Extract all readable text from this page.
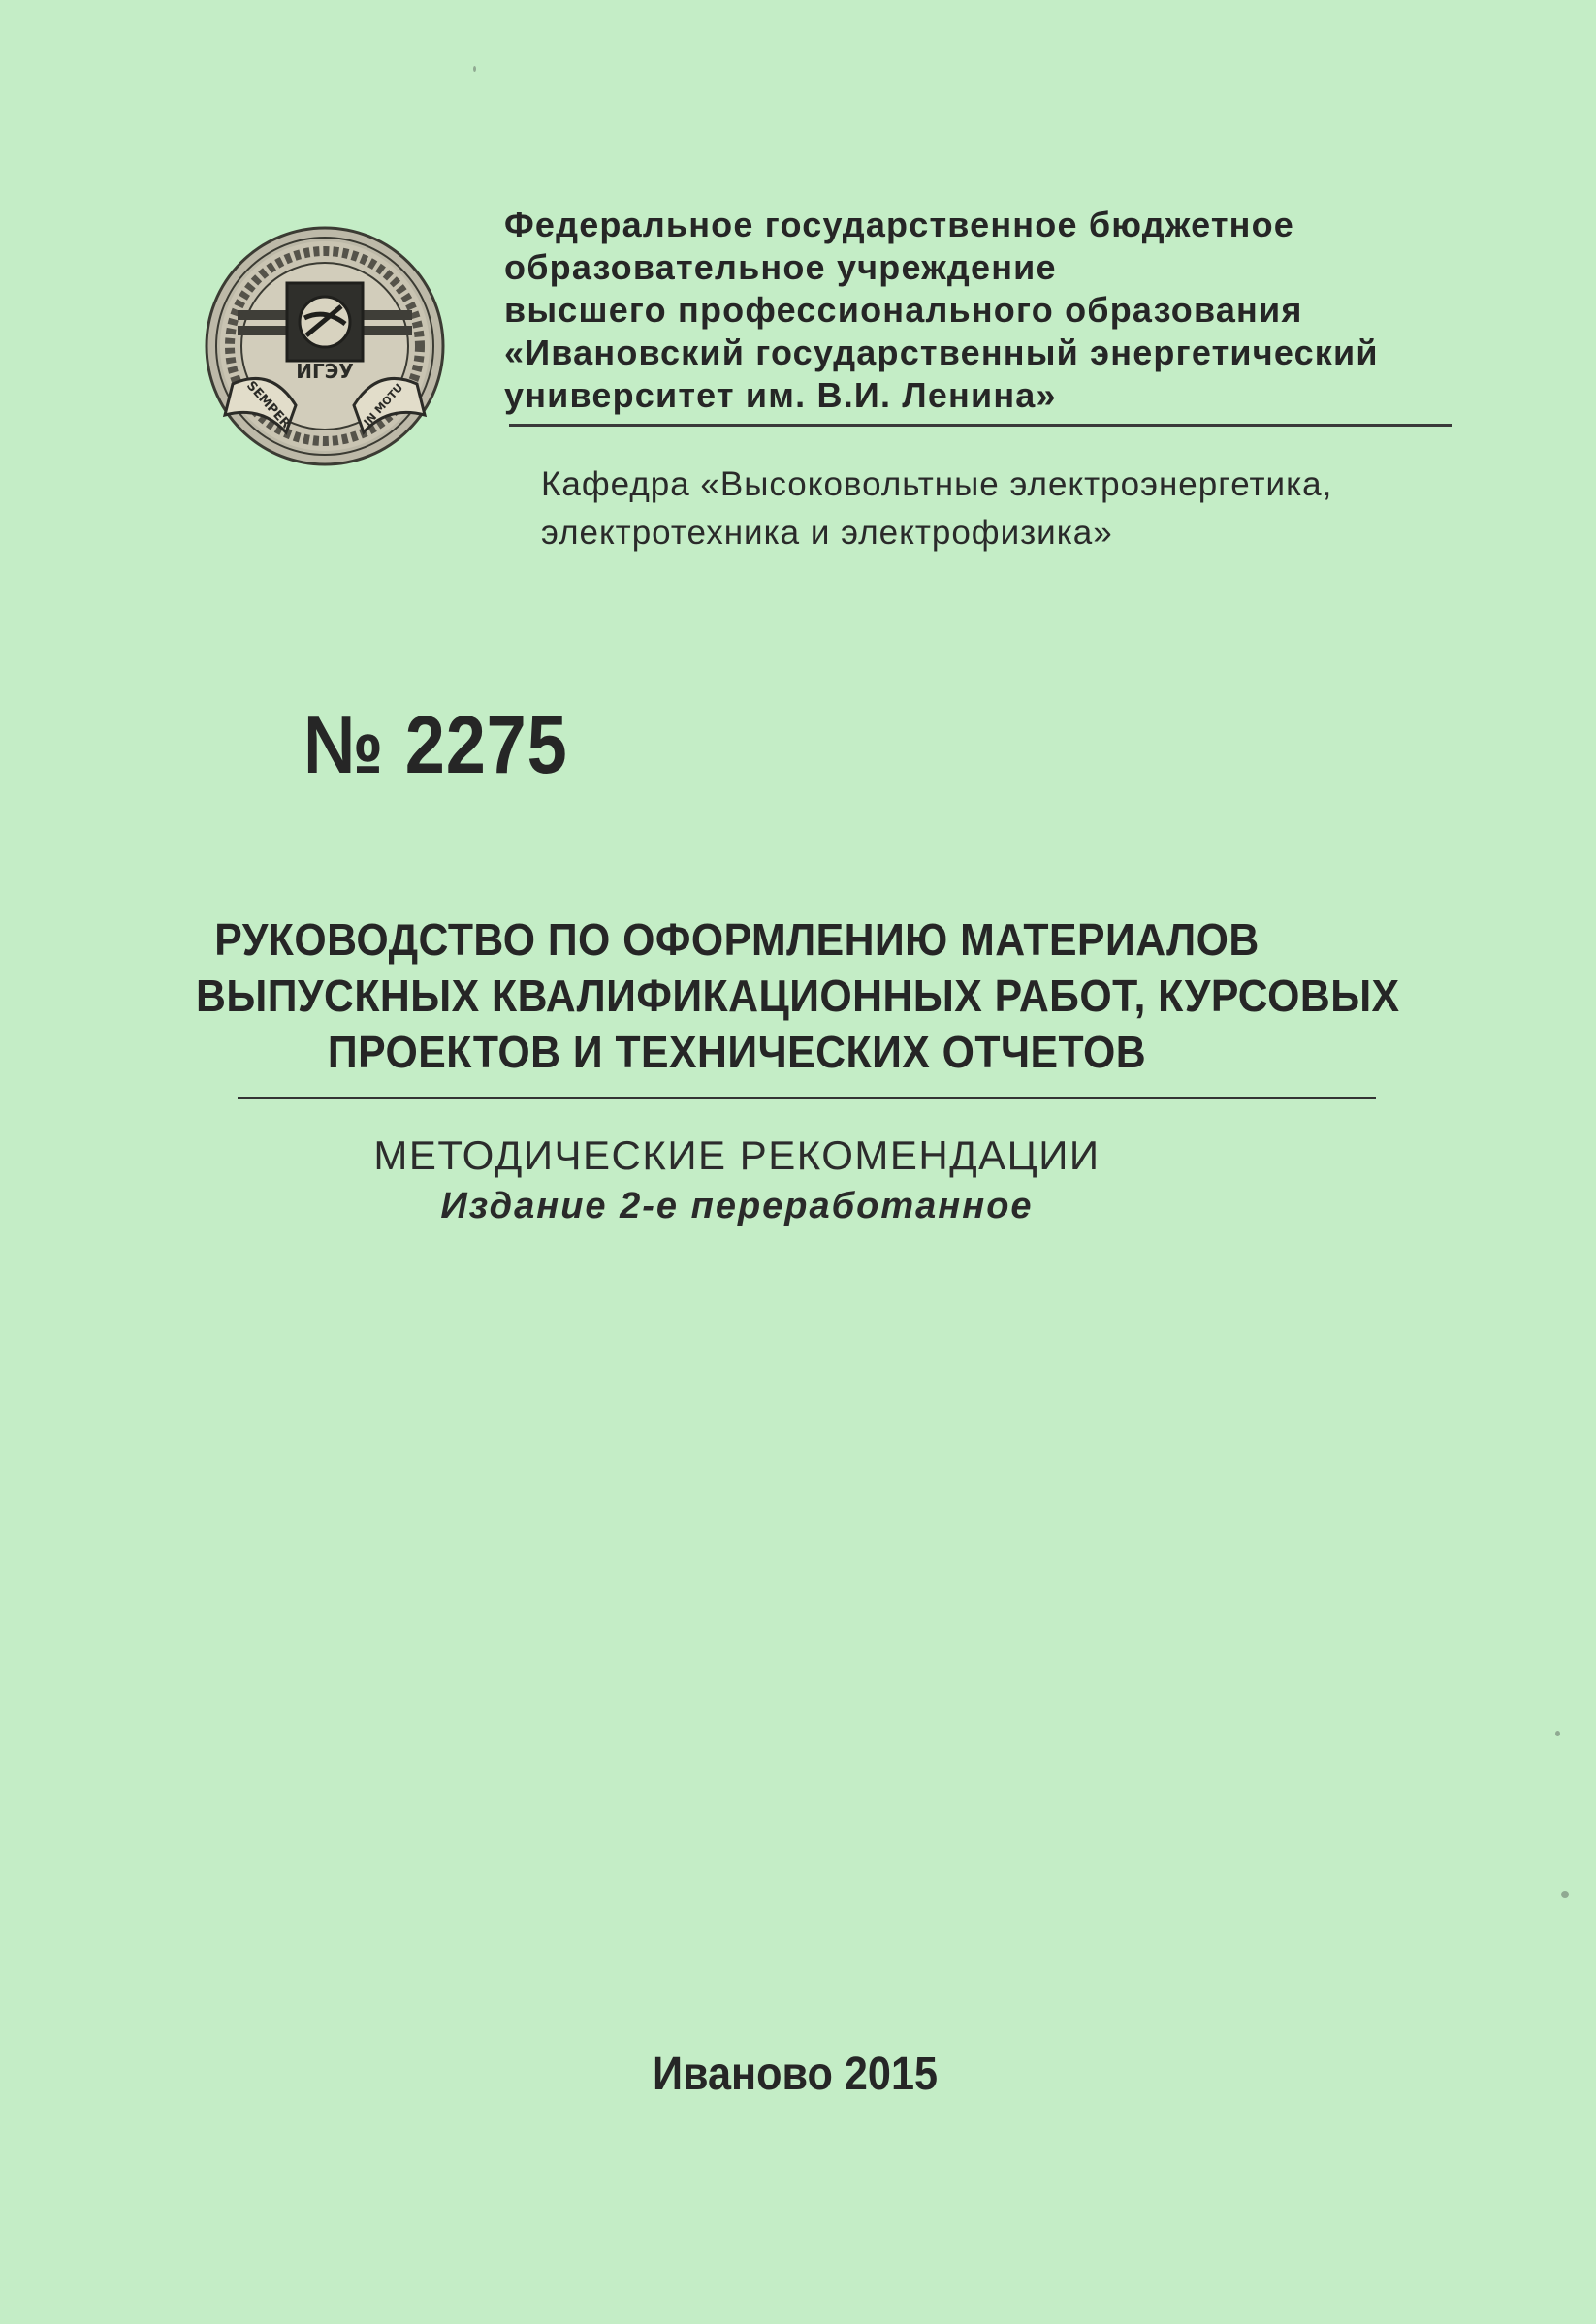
ИГЭУ
SEMPER	IN MOTU
Федеральное государственное бюджетное
образовательное учреждение
высшего профессионального образования
«Ивановский государственный энергетический
университет им. В.И. Ленина»
Кафедра «Высоковольтные электроэнергетика,
электротехника и электрофизика»
№ 2275
РУКОВОДСТВО ПО ОФОРМЛЕНИЮ МАТЕРИАЛОВ
ВЫПУСКНЫХ КВАЛИФИКАЦИОННЫХ РАБОТ, КУРСОВЫХ
ПРОЕКТОВ И ТЕХНИЧЕСКИХ ОТЧЕТОВ
МЕТОДИЧЕСКИЕ РЕКОМЕНДАЦИИ
Издание 2-е переработанное
Иваново 2015
